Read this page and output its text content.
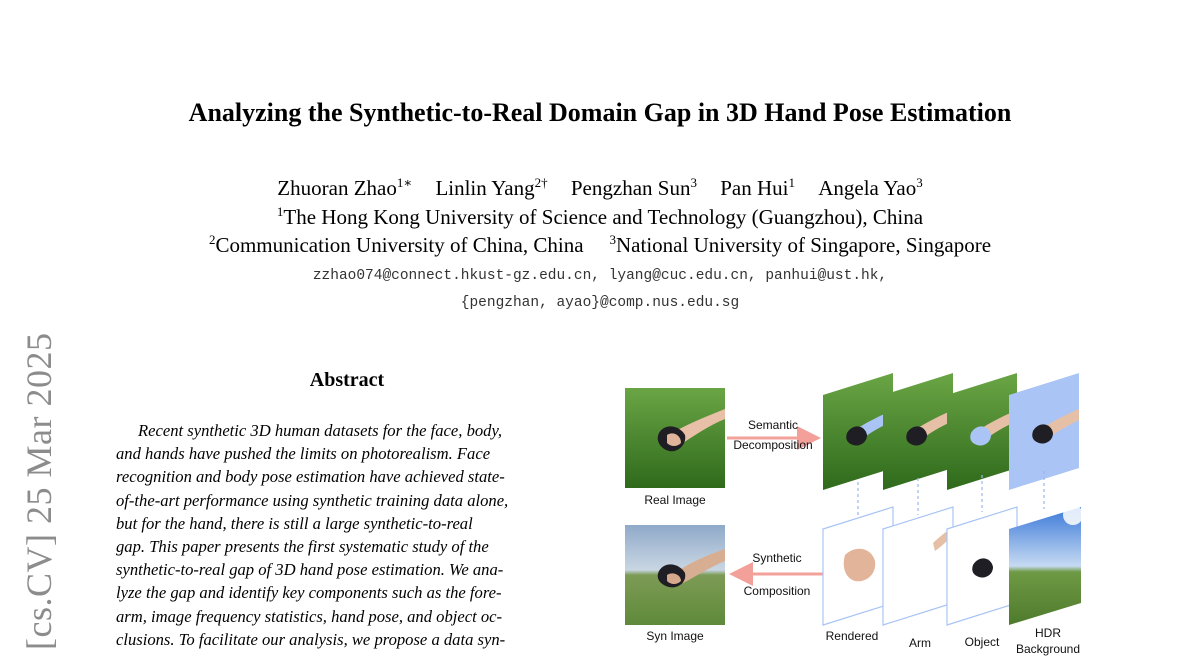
[cs.CV] 25 Mar 2025
Analyzing the Synthetic-to-Real Domain Gap in 3D Hand Pose Estimation
Zhuoran Zhao$^{1∗}$ Linlin Yang$^{2\dagger}$ Pengzhan Sun$^3$ Pan Hui$^1$ Angela Yao$^3$
$^1$The Hong Kong University of Science and Technology (Guangzhou), China
$^2$Communication University of China, China $^3$National University of Singapore, Singapore
zzhao074@connect.hkust-gz.edu.cn, lyang@cuc.edu.cn, panhui@ust.hk,
{pengzhan, ayao}@comp.nus.edu.sg
Abstract
Recent synthetic 3D human datasets for the face, body,
and hands have pushed the limits on photorealism. Face
recognition and body pose estimation have achieved state-
of-the-art performance using synthetic training data alone,
but for the hand, there is still a large synthetic-to-real
gap. This paper presents the first systematic study of the
synthetic-to-real gap of 3D hand pose estimation. We ana-
lyze the gap and identify key components such as the fore-
arm, image frequency statistics, hand pose, and object oc-
clusions. To facilitate our analysis, we propose a data syn-
Semantic
Decomposition
Synthetic
Composition
Real Image
Syn Image	Rendered	Arm	Object
HDR
Background
